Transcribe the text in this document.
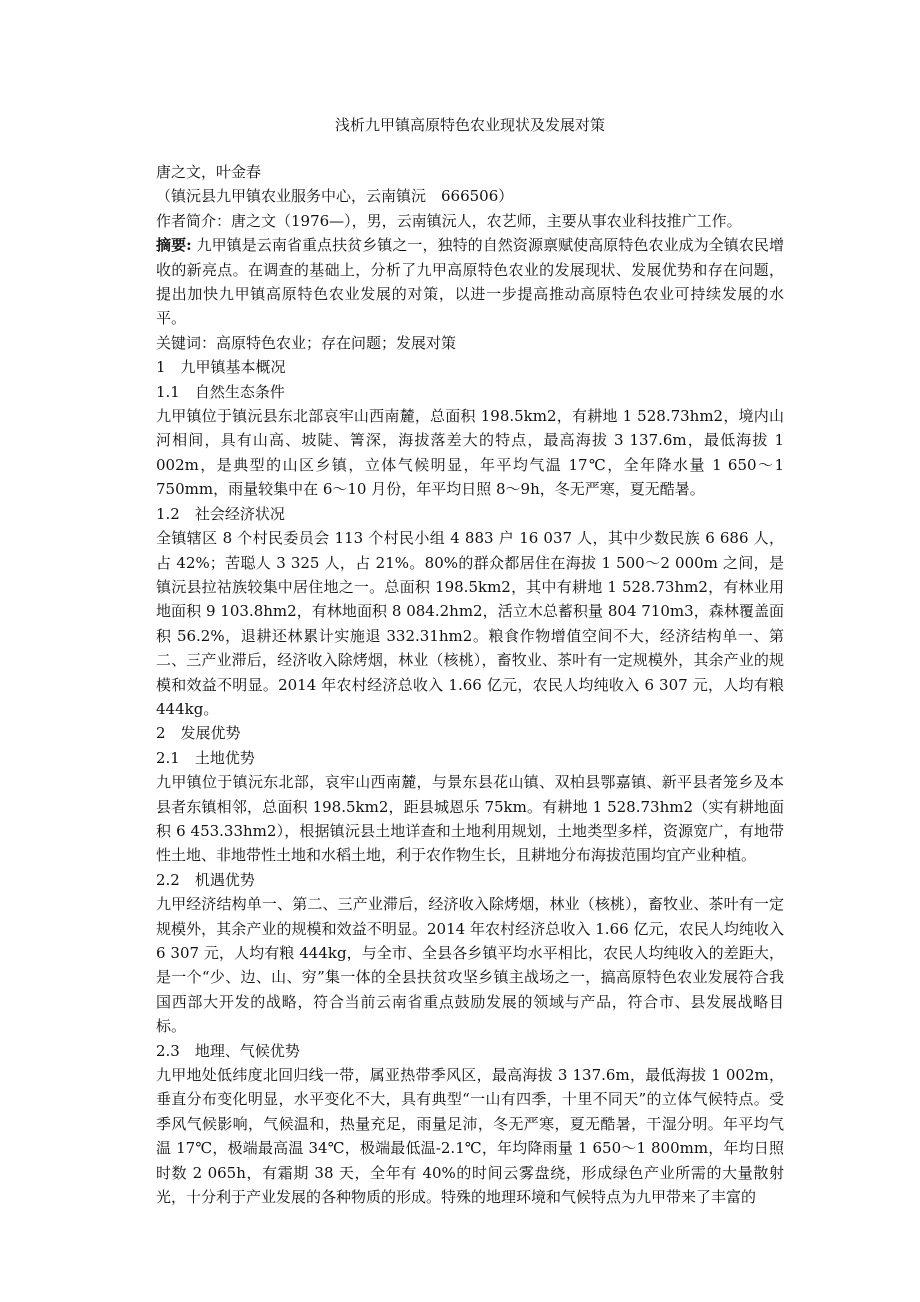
浅析九甲镇高原特色农业现状及发展对策

唐之文，叶金春

（镇沅县九甲镇农业服务中心，云南镇沅　666506）

作者简介：唐之文（1976—），男，云南镇沅人，农艺师，主要从事农业科技推广工作。

摘要: 九甲镇是云南省重点扶贫乡镇之一，独特的自然资源禀赋使高原特色农业成为全镇农民增收的新亮点。在调查的基础上，分析了九甲高原特色农业的发展现状、发展优势和存在问题，提出加快九甲镇高原特色农业发展的对策，以进一步提高推动高原特色农业可持续发展的水平。

关键词：高原特色农业；存在问题；发展对策

1　九甲镇基本概况

1.1　自然生态条件

九甲镇位于镇沅县东北部哀牢山西南麓，总面积 198.5km2，有耕地 1 528.73hm2，境内山河相间，具有山高、坡陡、箐深，海拔落差大的特点，最高海拔 3 137.6m，最低海拔 1 002m，是典型的山区乡镇，立体气候明显，年平均气温 17℃，全年降水量 1 650～1 750mm，雨量较集中在 6～10 月份，年平均日照 8～9h，冬无严寒，夏无酷暑。

1.2　社会经济状况

全镇辖区 8 个村民委员会 113 个村民小组 4 883 户 16 037 人，其中少数民族 6 686 人，占 42%；苦聪人 3 325 人，占 21%。80%的群众都居住在海拔 1 500～2 000m 之间，是镇沅县拉祜族较集中居住地之一。总面积 198.5km2，其中有耕地 1 528.73hm2，有林业用地面积 9 103.8hm2，有林地面积 8 084.2hm2，活立木总蓄积量 804 710m3，森林覆盖面积 56.2%，退耕还林累计实施退 332.31hm2。粮食作物增值空间不大，经济结构单一、第二、三产业滞后，经济收入除烤烟，林业（核桃），畜牧业、茶叶有一定规模外，其余产业的规模和效益不明显。2014 年农村经济总收入 1.66 亿元，农民人均纯收入 6 307 元，人均有粮 444kg。

2　发展优势

2.1　土地优势

九甲镇位于镇沅东北部，哀牢山西南麓，与景东县花山镇、双柏县鄂嘉镇、新平县者笼乡及本县者东镇相邻，总面积 198.5km2，距县城恩乐 75km。有耕地 1 528.73hm2（实有耕地面积 6 453.33hm2），根据镇沅县土地详查和土地利用规划，土地类型多样，资源宽广，有地带性土地、非地带性土地和水稻土地，利于农作物生长，且耕地分布海拔范围均宜产业种植。

2.2　机遇优势

九甲经济结构单一、第二、三产业滞后，经济收入除烤烟，林业（核桃），畜牧业、茶叶有一定规模外，其余产业的规模和效益不明显。2014 年农村经济总收入 1.66 亿元，农民人均纯收入 6 307 元，人均有粮 444kg，与全市、全县各乡镇平均水平相比，农民人均纯收入的差距大，是一个“少、边、山、穷”集一体的全县扶贫攻坚乡镇主战场之一，搞高原特色农业发展符合我国西部大开发的战略，符合当前云南省重点鼓励发展的领域与产品，符合市、县发展战略目标。

2.3　地理、气候优势

九甲地处低纬度北回归线一带，属亚热带季风区，最高海拔 3 137.6m，最低海拔 1 002m，垂直分布变化明显，水平变化不大，具有典型“一山有四季，十里不同天”的立体气候特点。受季风气候影响，气候温和，热量充足，雨量足沛，冬无严寒，夏无酷暑，干湿分明。年平均气温 17℃，极端最高温 34℃，极端最低温-2.1℃，年均降雨量 1 650～1 800mm，年均日照时数 2 065h，有霜期 38 天，全年有 40%的时间云雾盘绕，形成绿色产业所需的大量散射光，十分利于产业发展的各种物质的形成。特殊的地理环境和气候特点为九甲带来了丰富的
